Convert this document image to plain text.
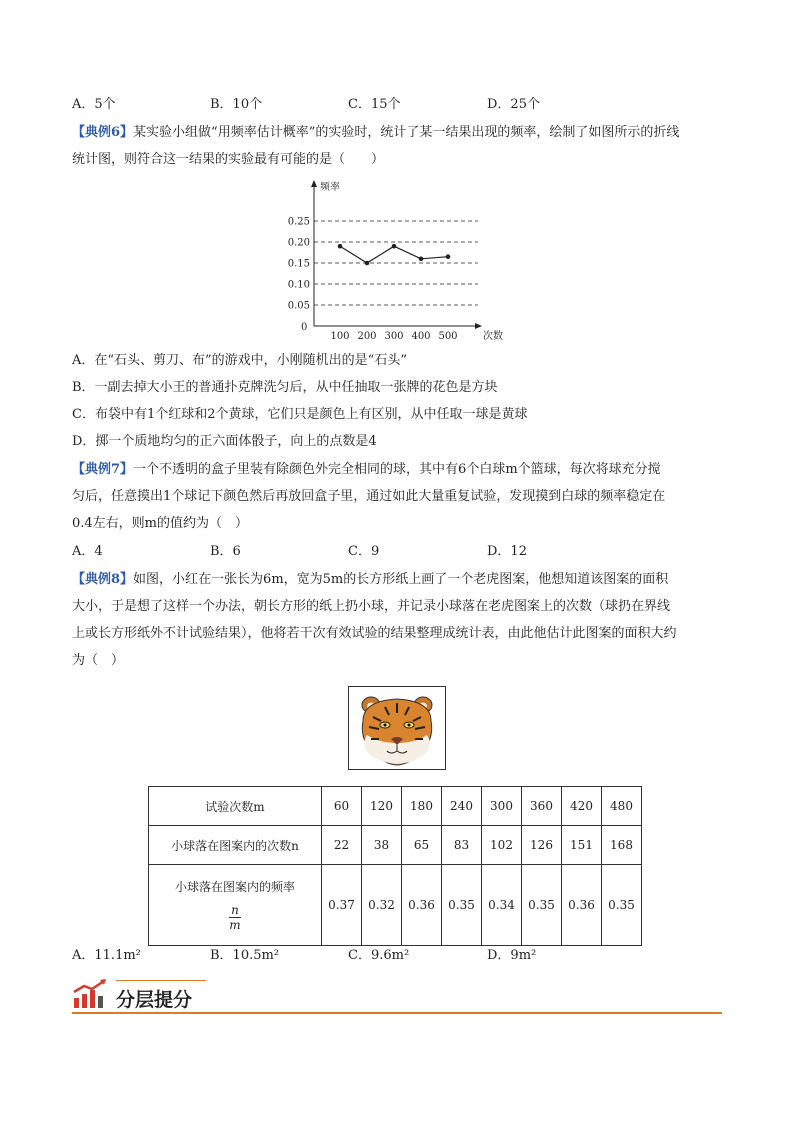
A．5个	B．10个	C．15个	D．25个
【典例6】某实验小组做“用频率估计概率”的实验时，统计了某一结果出现的频率，绘制了如图所示的折线
统计图，则符合这一结果的实验最有可能的是（　　）
0.05
0.10
0.15
0.20
0.25
100 200 300 400 500
频率
次数
0
A．在“石头、剪刀、布”的游戏中，小刚随机出的是“石头”
B．一副去掉大小王的普通扑克牌洗匀后，从中任抽取一张牌的花色是方块
C．布袋中有1个红球和2个黄球，它们只是颜色上有区别，从中任取一球是黄球
D．掷一个质地均匀的正六面体骰子，向上的点数是4
【典例7】一个不透明的盒子里装有除颜色外完全相同的球，其中有6个白球m个篮球，每次将球充分搅
匀后，任意摸出1个球记下颜色然后再放回盒子里，通过如此大量重复试验，发现摸到白球的频率稳定在
0.4左右，则m的值约为（　）
A．4	B．6	C．9	D．12
【典例8】如图，小红在一张长为6m，宽为5m的长方形纸上画了一个老虎图案，他想知道该图案的面积
大小，于是想了这样一个办法，朝长方形的纸上扔小球，并记录小球落在老虎图案上的次数（球扔在界线
上或长方形纸外不计试验结果），他将若干次有效试验的结果整理成统计表，由此他估计此图案的面积大约
为（　）
试验次数m	60	120	180	240	300	360	420	480
小球落在图案内的次数n	22	38	65	83	102	126	151	168

小球落在图案内的频率
$\frac{n}{m}$	0.37	0.32	0.36	0.35	0.34	0.35	0.36	0.35
A．11.1m²	B．10.5m²	C．9.6m²	D．9m²
分层提分
